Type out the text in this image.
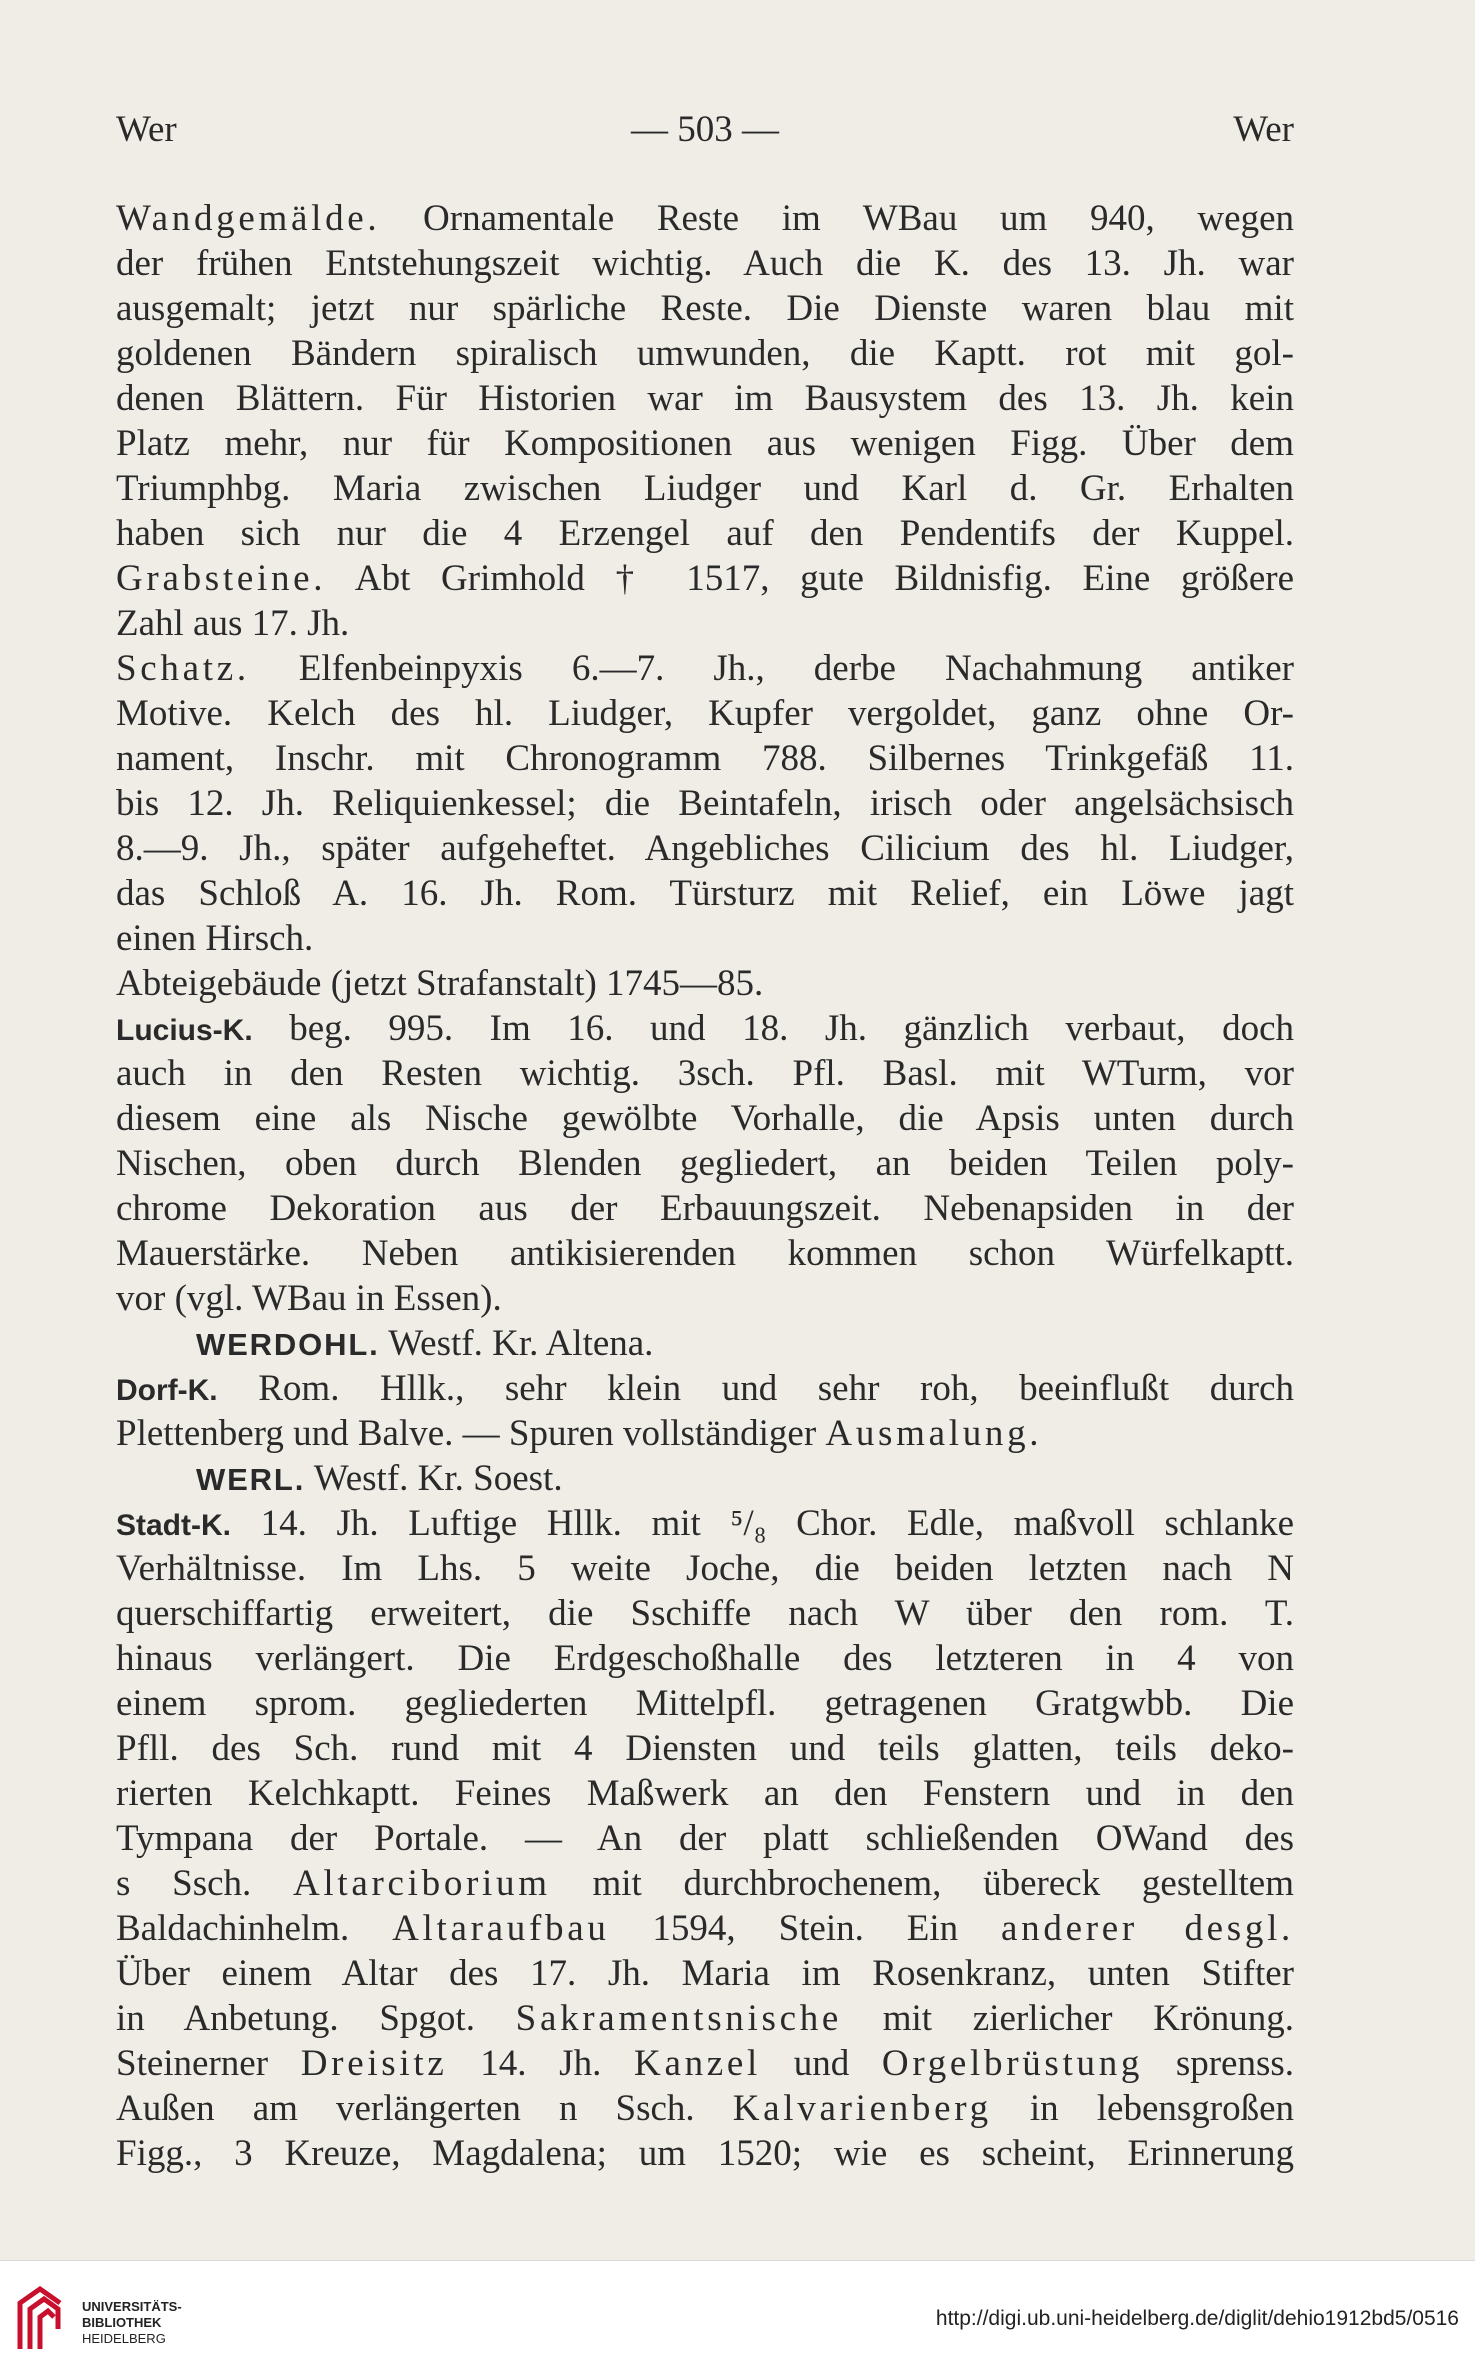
Wer	— 503 —	Wer
Wandgemälde. Ornamentale Reste im WBau um 940, wegen
der frühen Entstehungszeit wichtig. Auch die K. des 13. Jh. war
ausgemalt; jetzt nur spärliche Reste. Die Dienste waren blau mit
goldenen Bändern spiralisch umwunden, die Kaptt. rot mit gol-
denen Blättern. Für Historien war im Bausystem des 13. Jh. kein
Platz mehr, nur für Kompositionen aus wenigen Figg. Über dem
Triumphbg. Maria zwischen Liudger und Karl d. Gr. Erhalten
haben sich nur die 4 Erzengel auf den Pendentifs der Kuppel.
Grabsteine. Abt Grimhold † 1517, gute Bildnisfig. Eine größere
Zahl aus 17. Jh.
Schatz. Elfenbeinpyxis 6.—7. Jh., derbe Nachahmung antiker
Motive. Kelch des hl. Liudger, Kupfer vergoldet, ganz ohne Or-
nament, Inschr. mit Chronogramm 788. Silbernes Trinkgefäß 11.
bis 12. Jh. Reliquienkessel; die Beintafeln, irisch oder angelsächsisch
8.—9. Jh., später aufgeheftet. Angebliches Cilicium des hl. Liudger,
das Schloß A. 16. Jh. Rom. Türsturz mit Relief, ein Löwe jagt
einen Hirsch.
Abteigebäude (jetzt Strafanstalt) 1745—85.
Lucius-K. beg. 995. Im 16. und 18. Jh. gänzlich verbaut, doch
auch in den Resten wichtig. 3sch. Pfl. Basl. mit WTurm, vor
diesem eine als Nische gewölbte Vorhalle, die Apsis unten durch
Nischen, oben durch Blenden gegliedert, an beiden Teilen poly-
chrome Dekoration aus der Erbauungszeit. Nebenapsiden in der
Mauerstärke. Neben antikisierenden kommen schon Würfelkaptt.
vor (vgl. WBau in Essen).
WERDOHL. Westf. Kr. Altena.
Dorf-K. Rom. Hllk., sehr klein und sehr roh, beeinflußt durch
Plettenberg und Balve. — Spuren vollständiger Ausmalung.
WERL. Westf. Kr. Soest.
Stadt-K. 14. Jh. Luftige Hllk. mit ⁵/₈ Chor. Edle, maßvoll schlanke
Verhältnisse. Im Lhs. 5 weite Joche, die beiden letzten nach N
querschiffartig erweitert, die Sschiffe nach W über den rom. T.
hinaus verlängert. Die Erdgeschoßhalle des letzteren in 4 von
einem sprom. gegliederten Mittelpfl. getragenen Gratgwbb. Die
Pfll. des Sch. rund mit 4 Diensten und teils glatten, teils deko-
rierten Kelchkaptt. Feines Maßwerk an den Fenstern und in den
Tympana der Portale. — An der platt schließenden OWand des
s Ssch. Altarciborium mit durchbrochenem, übereck gestelltem
Baldachinhelm. Altaraufbau 1594, Stein. Ein anderer desgl.
Über einem Altar des 17. Jh. Maria im Rosenkranz, unten Stifter
in Anbetung. Spgot. Sakramentsnische mit zierlicher Krönung.
Steinerner Dreisitz 14. Jh. Kanzel und Orgelbrüstung sprenss.
Außen am verlängerten n Ssch. Kalvarienberg in lebensgroßen
Figg., 3 Kreuze, Magdalena; um 1520; wie es scheint, Erinnerung
UNIVERSITÄTS-
BIBLIOTHEK
HEIDELBERG
http://digi.ub.uni-heidelberg.de/diglit/dehio1912bd5/0516
